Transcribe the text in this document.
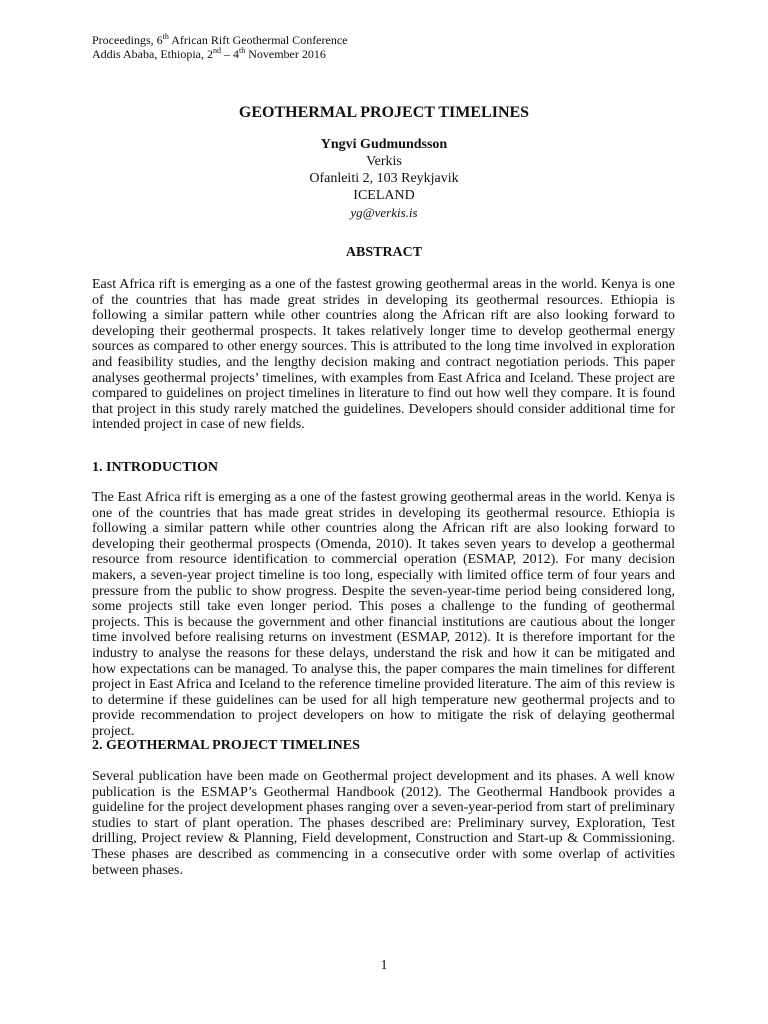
Proceedings, 6th African Rift Geothermal Conference
Addis Ababa, Ethiopia, 2nd – 4th November 2016
GEOTHERMAL PROJECT TIMELINES
Yngvi Gudmundsson
Verkis
Ofanleiti 2, 103 Reykjavik
ICELAND
yg@verkis.is
ABSTRACT

East Africa rift is emerging as a one of the fastest growing geothermal areas in the world. Kenya is one of the countries that has made great strides in developing its geothermal resources. Ethiopia is following a similar pattern while other countries along the African rift are also looking forward to developing their geothermal prospects. It takes relatively longer time to develop geothermal energy sources as compared to other energy sources. This is attributed to the long time involved in exploration and feasibility studies, and the lengthy decision making and contract negotiation periods. This paper analyses geothermal projects’ timelines, with examples from East Africa and Iceland. These project are compared to guidelines on project timelines in literature to find out how well they compare. It is found that project in this study rarely matched the guidelines. Developers should consider additional time for intended project in case of new fields.

1. INTRODUCTION

The East Africa rift is emerging as a one of the fastest growing geothermal areas in the world. Kenya is one of the countries that has made great strides in developing its geothermal resource. Ethiopia is following a similar pattern while other countries along the African rift are also looking forward to developing their geothermal prospects (Omenda, 2010). It takes seven years to develop a geothermal resource from resource identification to commercial operation (ESMAP, 2012). For many decision makers, a seven-year project timeline is too long, especially with limited office term of four years and pressure from the public to show progress. Despite the seven-year-time period being considered long, some projects still take even longer period. This poses a challenge to the funding of geothermal projects. This is because the government and other financial institutions are cautious about the longer time involved before realising returns on investment (ESMAP, 2012). It is therefore important for the industry to analyse the reasons for these delays, understand the risk and how it can be mitigated and how expectations can be managed. To analyse this, the paper compares the main timelines for different project in East Africa and Iceland to the reference timeline provided literature. The aim of this review is to determine if these guidelines can be used for all high temperature new geothermal projects and to provide recommendation to project developers on how to mitigate the risk of delaying geothermal project.

2. GEOTHERMAL PROJECT TIMELINES

Several publication have been made on Geothermal project development and its phases. A well know publication is the ESMAP’s Geothermal Handbook (2012). The Geothermal Handbook provides a guideline for the project development phases ranging over a seven-year-period from start of preliminary studies to start of plant operation. The phases described are: Preliminary survey, Exploration, Test drilling, Project review & Planning, Field development, Construction and Start-up & Commissioning. These phases are described as commencing in a consecutive order with some overlap of activities between phases.

1
